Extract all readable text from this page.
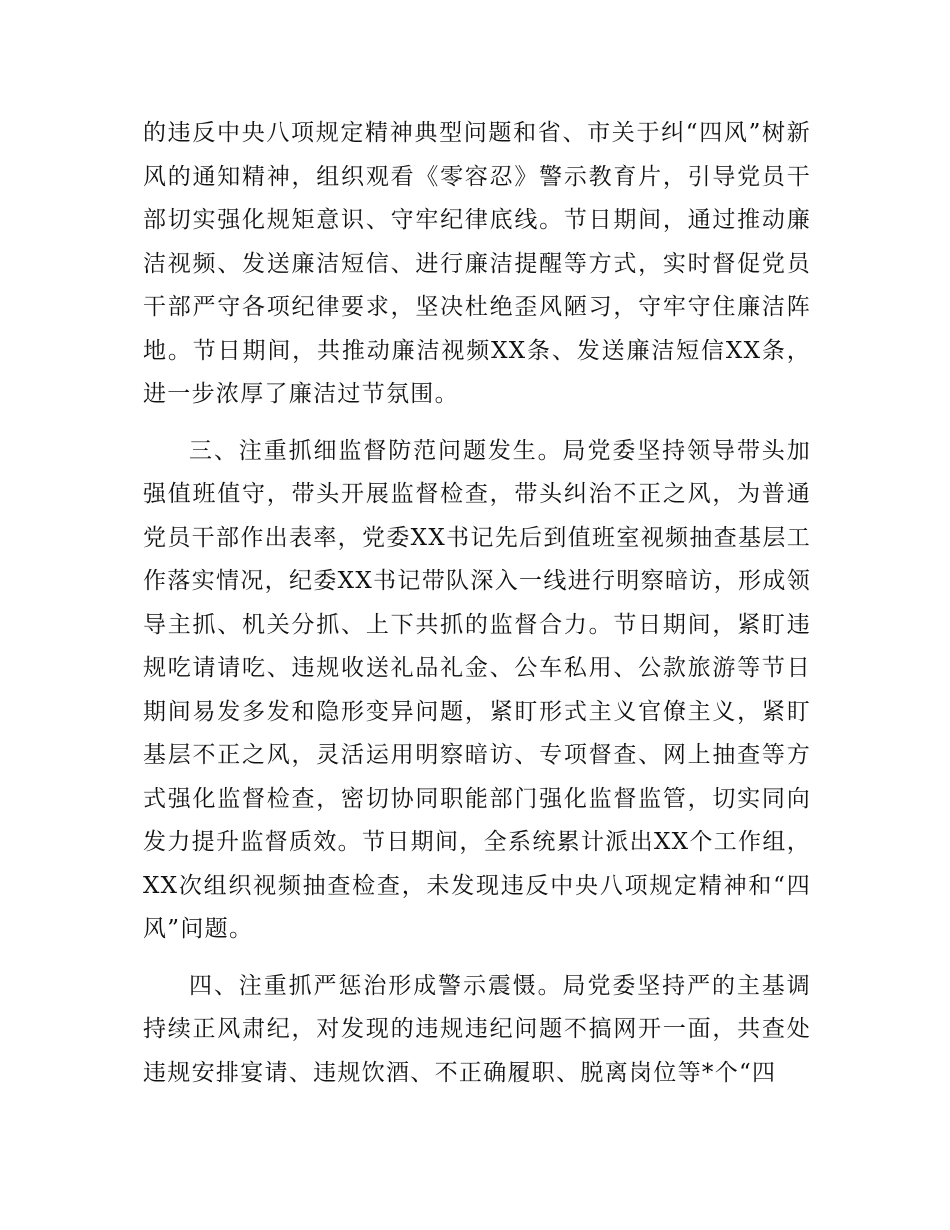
的违反中央八项规定精神典型问题和省、市关于纠“四风”树新风的通知精神，组织观看《零容忍》警示教育片，引导党员干部切实强化规矩意识、守牢纪律底线。节日期间，通过推动廉洁视频、发送廉洁短信、进行廉洁提醒等方式，实时督促党员干部严守各项纪律要求，坚决杜绝歪风陋习，守牢守住廉洁阵地。节日期间，共推动廉洁视频XX条、发送廉洁短信XX条，进一步浓厚了廉洁过节氛围。

三、注重抓细监督防范问题发生。局党委坚持领导带头加强值班值守，带头开展监督检查，带头纠治不正之风，为普通党员干部作出表率，党委XX书记先后到值班室视频抽查基层工作落实情况，纪委XX书记带队深入一线进行明察暗访，形成领导主抓、机关分抓、上下共抓的监督合力。节日期间，紧盯违规吃请请吃、违规收送礼品礼金、公车私用、公款旅游等节日期间易发多发和隐形变异问题，紧盯形式主义官僚主义，紧盯基层不正之风，灵活运用明察暗访、专项督查、网上抽查等方式强化监督检查，密切协同职能部门强化监督监管，切实同向发力提升监督质效。节日期间，全系统累计派出XX个工作组，XX次组织视频抽查检查，未发现违反中央八项规定精神和“四风”问题。

四、注重抓严惩治形成警示震慑。局党委坚持严的主基调持续正风肃纪，对发现的违规违纪问题不搞网开一面，共查处违规安排宴请、违规饮酒、不正确履职、脱离岗位等*个“四
